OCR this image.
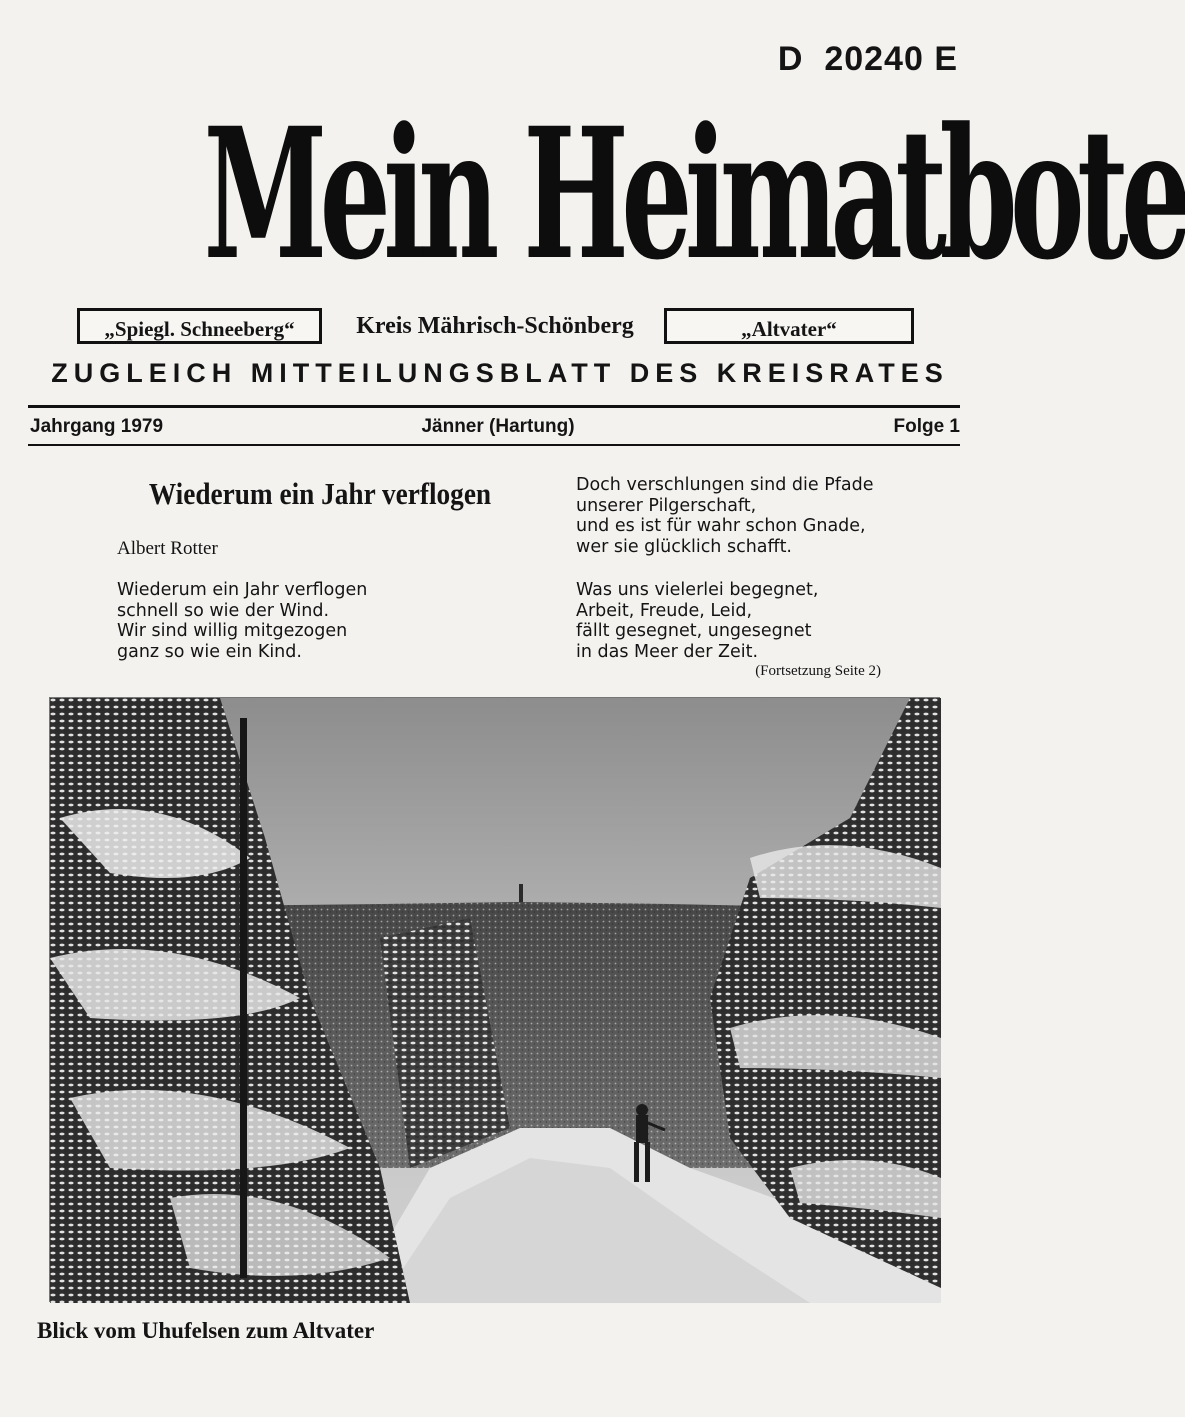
D  20240 E
Mein Heimatbote
„Spiegl. Schneeberg“	Kreis Mährisch-Schönberg	„Altvater“
ZUGLEICH MITTEILUNGSBLATT DES KREISRATES
Jahrgang 1979	Jänner (Hartung)	Folge 1
Wiederum ein Jahr verflogen
Albert Rotter
Wiederum ein Jahr verflogen
schnell so wie der Wind.
Wir sind willig mitgezogen
ganz so wie ein Kind.
Doch verschlungen sind die Pfade
unserer Pilgerschaft,
und es ist für wahr schon Gnade,
wer sie glücklich schafft.
Was uns vielerlei begegnet,
Arbeit, Freude, Leid,
fällt gesegnet, ungesegnet
in das Meer der Zeit.
(Fortsetzung Seite 2)
Blick vom Uhufelsen zum Altvater
